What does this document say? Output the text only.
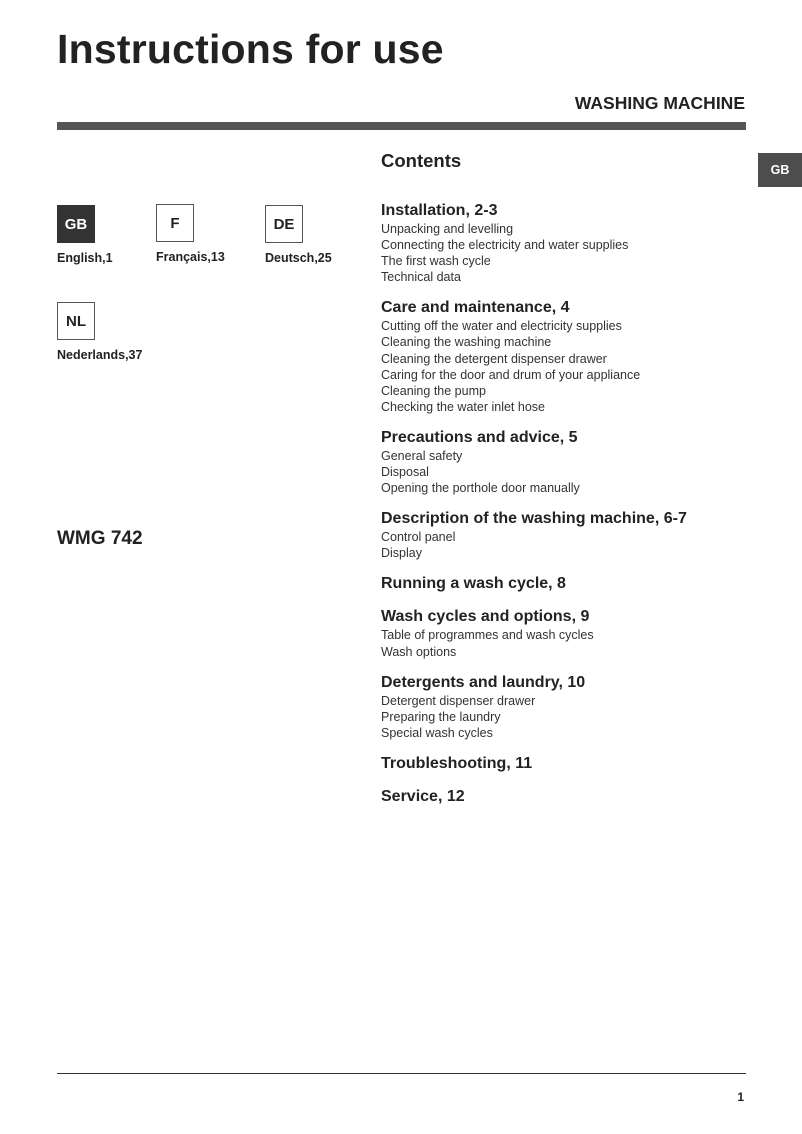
Instructions for use
WASHING MACHINE
GB
GB
English,1
F
Français,13
DE
Deutsch,25
NL
Nederlands,37
WMG 742
Contents
Installation, 2-3
Unpacking and levelling
Connecting the electricity and water supplies
The first wash cycle
Technical data
Care and maintenance, 4
Cutting off the water and electricity supplies
Cleaning the washing machine
Cleaning the detergent dispenser drawer
Caring for the door and drum of your appliance
Cleaning the pump
Checking the water inlet hose
Precautions and advice, 5
General safety
Disposal
Opening the porthole door manually
Description of the washing machine, 6-7
Control panel
Display
Running a wash cycle, 8
Wash cycles and options, 9
Table of programmes and wash cycles
Wash options
Detergents and laundry, 10
Detergent dispenser drawer
Preparing the laundry
Special wash cycles
Troubleshooting, 11
Service, 12
1
